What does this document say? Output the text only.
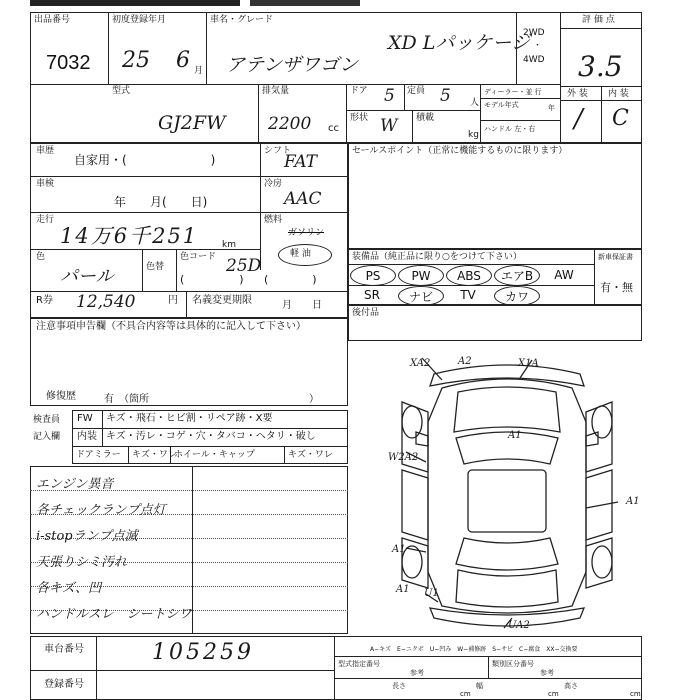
出品番号
7032
初度登録年月
25 6 月
車名・グレード
アテンザワゴン
XD Lパッケージ
2WD
・
4WD
評 価 点
3.5
型式
GJ2FW
排気量
2200 cc
ドア 5 定員 5 人
形状 W 積載
kg
ディーラー・並 行
モデル年式	年
ハンドル 左・右
外 装 内 装
/ C
車歴
自家用・(　　　　　　　)
シフト
FAT
車検
年　　月(　　日)
冷房
AAC
走行
14万6千251	km
燃料
ガソリン
軽 油
色
パール	色替
色コード 25D
(　　　　　) (　　　　)
R券 12,540	円 名義変更期限	月　　日
セールスポイント（正常に機能するものに限ります）
装備品（純正品に限り○をつけて下さい）	新車保証書
有・無
PS	PW	ABS	エアB	AW
SR	ナビ	TV	カワ
後付品
注意事項申告欄（不具合内容等は具体的に記入して下さい）
修復歴	有　（箇所　　　　　　　　　　　　　　　　）
検査員
記入欄
FW キズ・飛石・ヒビ割・リペア跡・X要
内装 キズ・汚レ・コゲ・穴・タバコ・ヘタリ・破し
ドアミラー キズ・ワレ
ホイール・キャップ	キズ・ワレ
エンジン異音
各チェックランプ点灯
i-stopランプ点滅
天張りシミ汚れ
各キズ、凹
ハンドルスレ　シートシワ
XA2	A2	X1A
A1
A1
A1
A1 U1
UA2
W2A2
A−キズ　E−ニクボ　U−凹み　W−補修跡　S−サビ　C−腐食　XX−交換要
車台番号	105259
登録番号
型式指定番号
参考
類別区分番号
参考
長さ
cm
幅
cm
高さ
cm
